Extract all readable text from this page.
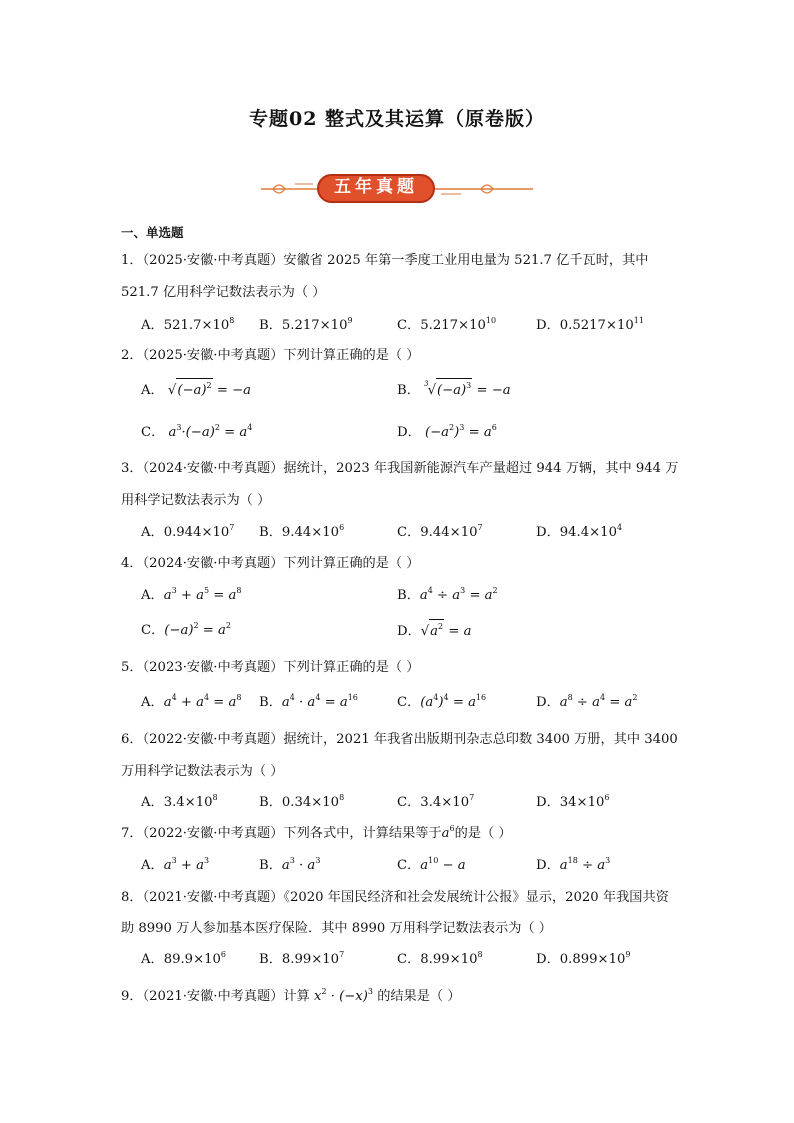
专题02 整式及其运算（原卷版）
五年真题
一、单选题
1．（2025·安徽·中考真题）安徽省 2025 年第一季度工业用电量为 521.7 亿千瓦时，其中
521.7 亿用科学记数法表示为（ ）
A．$521.7\times 10^8$ B．$5.217\times 10^9$	C．$5.217\times 10^{10}$	D．$0.5217\times 10^{11}$
2．（2025·安徽·中考真题）下列计算正确的是（ ）
A． $√(-a)^2 = -a$	B． $^3√(-a)^3 = -a$
C． $a^3\cdot(-a)^2 = a^4$	D． $(-a^2)^3 = a^6$
3．（2024·安徽·中考真题）据统计，2023 年我国新能源汽车产量超过 944 万辆，其中 944 万
用科学记数法表示为（ ）
A．$0.944\times 10^7$ B．$9.44\times 10^6$	C．$9.44\times 10^7$	D．$94.4\times 10^4$
4．（2024·安徽·中考真题）下列计算正确的是（ ）
A．$a^3 + a^5 = a^8$	B．$a^4 \div a^3 = a^2$
C．$(-a)^2 = a^2$	D．$√a^2 = a$
5．（2023·安徽·中考真题）下列计算正确的是（ ）
A．$a^4 + a^4 = a^8$ B．$a^4 \cdot a^4 = a^{16}$	C．$(a^4)^4 = a^{16}$	D．$a^8 \div a^4 = a^2$
6．（2022·安徽·中考真题）据统计，2021 年我省出版期刊杂志总印数 3400 万册，其中 3400
万用科学记数法表示为（ ）
A．$3.4\times 10^8$	B．$0.34\times 10^8$	C．$3.4\times 10^7$	D．$34\times 10^6$
7．（2022·安徽·中考真题）下列各式中，计算结果等于$a^6$的是（ ）
A．$a^3 + a^3$	B．$a^3 \cdot a^3$	C．$a^{10} - a$	D．$a^{18} \div a^3$
8．（2021·安徽·中考真题）《2020 年国民经济和社会发展统计公报》显示，2020 年我国共资
助 8990 万人参加基本医疗保险．其中 8990 万用科学记数法表示为（ ）
A．$89.9\times 10^6$	B．$8.99\times 10^7$	C．$8.99\times 10^8$	D．$0.899\times 10^9$
9．（2021·安徽·中考真题）计算 $x^2 \cdot (-x)^3$ 的结果是（ ）
